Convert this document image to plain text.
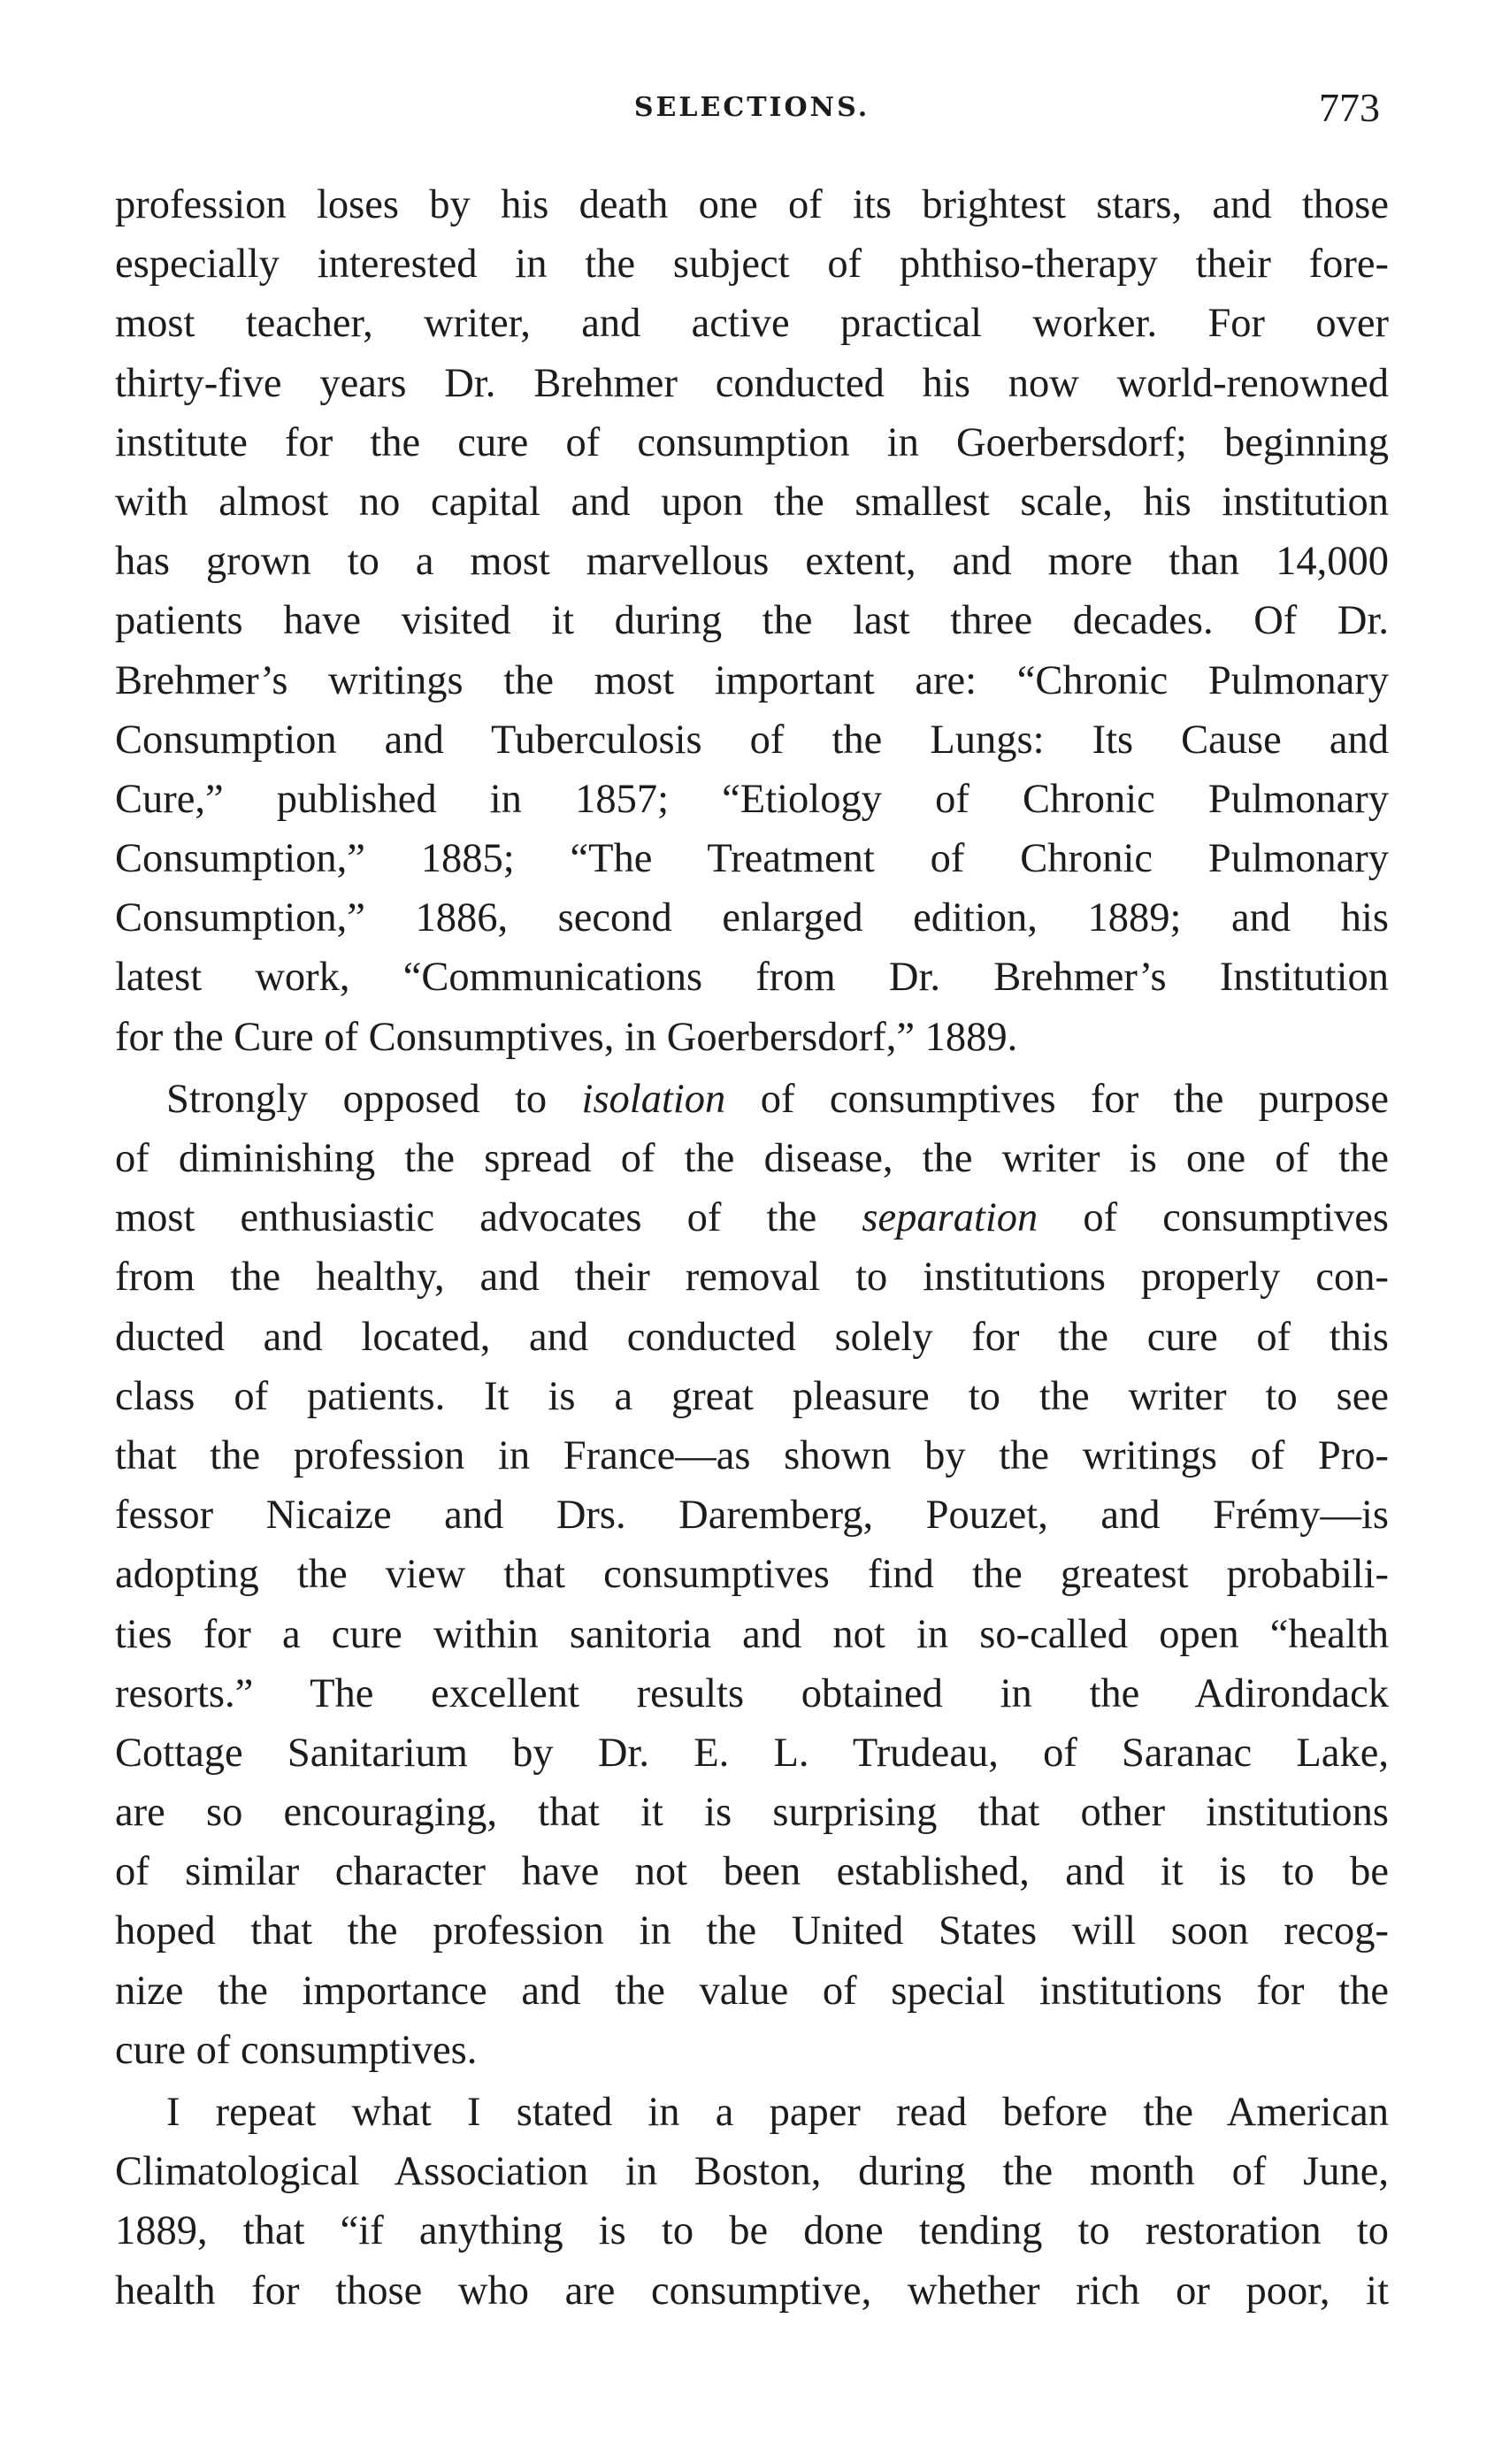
SELECTIONS.	773
profession loses by his death one of its brightest stars, and those
especially interested in the subject of phthiso-therapy their fore-
most teacher, writer, and active practical worker. For over
thirty-five years Dr. Brehmer conducted his now world-renowned
institute for the cure of consumption in Goerbersdorf; beginning
with almost no capital and upon the smallest scale, his institution
has grown to a most marvellous extent, and more than 14,000
patients have visited it during the last three decades. Of Dr.
Brehmer’s writings the most important are: “Chronic Pulmonary
Consumption and Tuberculosis of the Lungs: Its Cause and
Cure,” published in 1857; “Etiology of Chronic Pulmonary
Consumption,” 1885; “The Treatment of Chronic Pulmonary
Consumption,” 1886, second enlarged edition, 1889; and his
latest work, “Communications from Dr. Brehmer’s Institution
for the Cure of Consumptives, in Goerbersdorf,” 1889.
Strongly opposed to isolation of consumptives for the purpose
of diminishing the spread of the disease, the writer is one of the
most enthusiastic advocates of the separation of consumptives
from the healthy, and their removal to institutions properly con-
ducted and located, and conducted solely for the cure of this
class of patients. It is a great pleasure to the writer to see
that the profession in France—as shown by the writings of Pro-
fessor Nicaize and Drs. Daremberg, Pouzet, and Frémy—is
adopting the view that consumptives find the greatest probabili-
ties for a cure within sanitoria and not in so-called open “health
resorts.” The excellent results obtained in the Adirondack
Cottage Sanitarium by Dr. E. L. Trudeau, of Saranac Lake,
are so encouraging, that it is surprising that other institutions
of similar character have not been established, and it is to be
hoped that the profession in the United States will soon recog-
nize the importance and the value of special institutions for the
cure of consumptives.
I repeat what I stated in a paper read before the American
Climatological Association in Boston, during the month of June,
1889, that “if anything is to be done tending to restoration to
health for those who are consumptive, whether rich or poor, it
